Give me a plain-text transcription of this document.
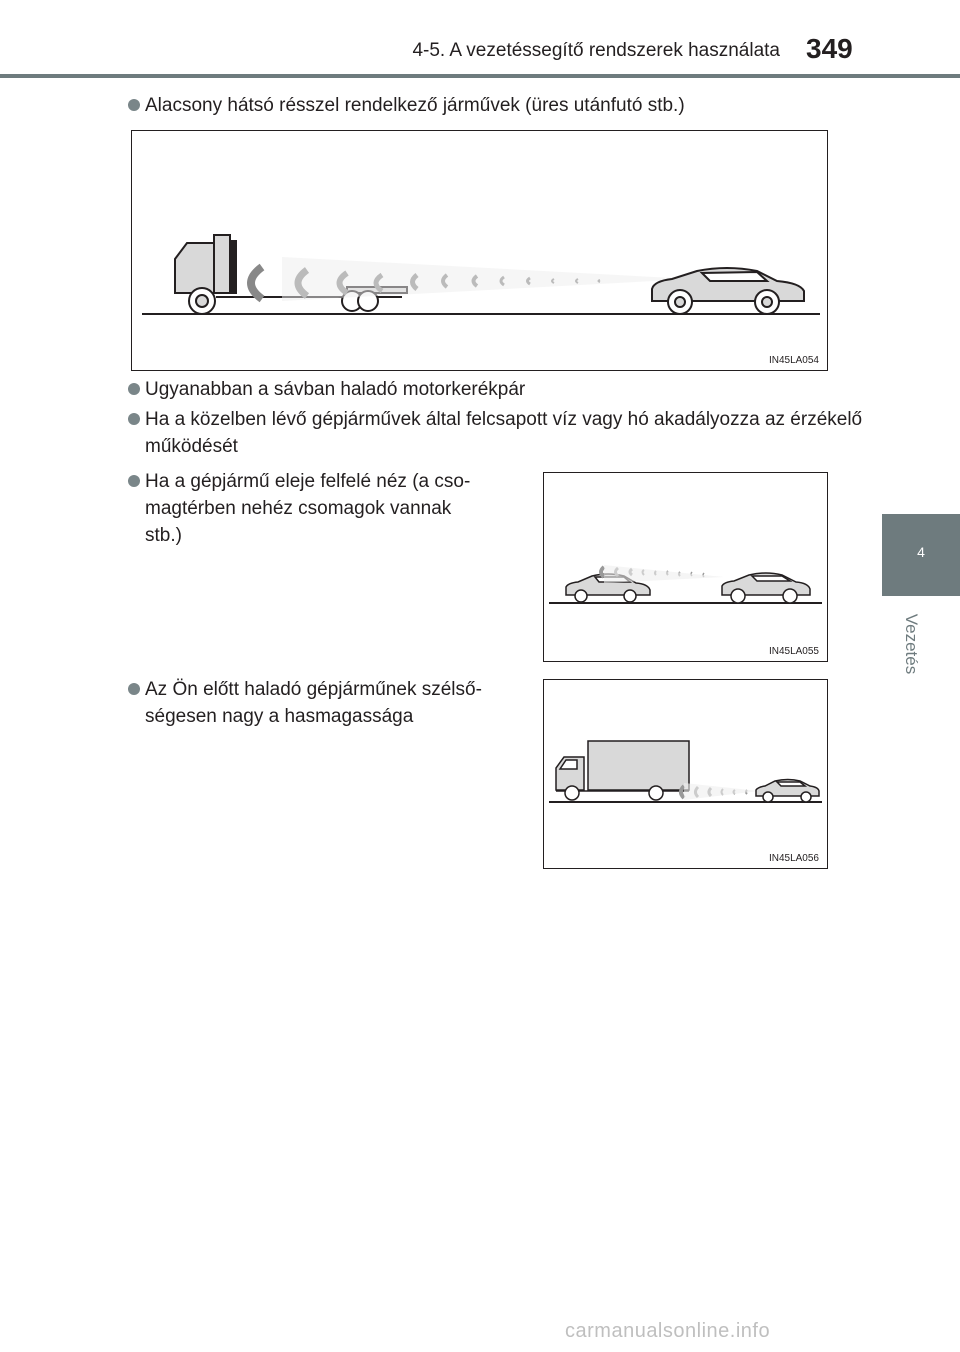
4-5. A vezetéssegítő rendszerek használata 349
4
Vezetés
Alacsony hátsó résszel rendelkező járművek (üres utánfutó stb.)
IN45LA054
Ugyanabban a sávban haladó motorkerékpár
Ha a közelben lévő gépjárművek által felcsapott víz vagy hó akadályozza az érzékelő működését
Ha a gépjármű eleje felfelé néz (a cso-
magtérben nehéz csomagok vannak
stb.)
IN45LA055
Az Ön előtt haladó gépjárműnek szélső-
ségesen nagy a hasmagassága
IN45LA056
carmanualsonline.info
